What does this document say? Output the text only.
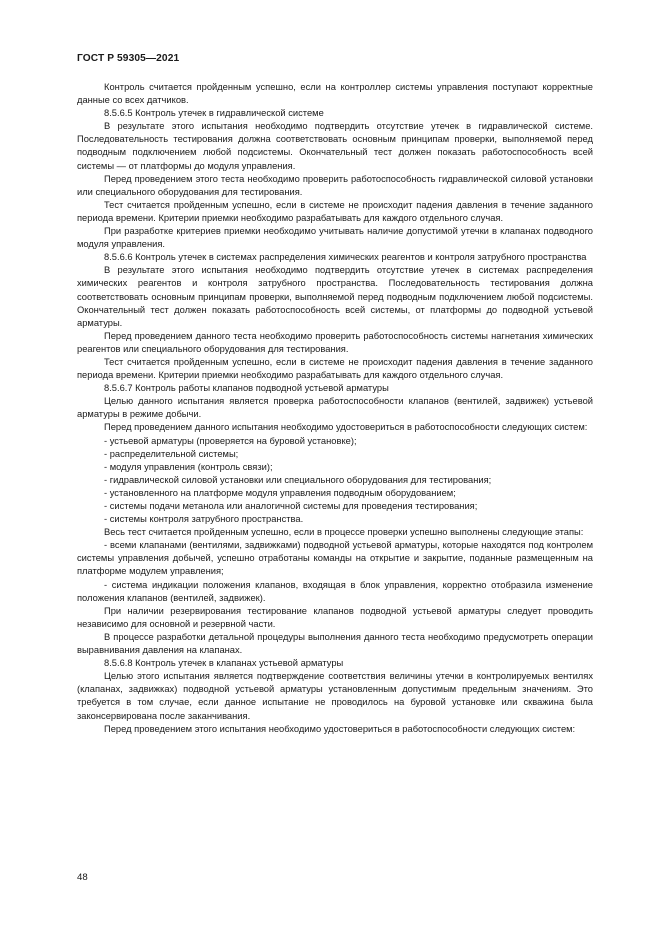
ГОСТ Р 59305—2021

Контроль считается пройденным успешно, если на контроллер системы управления поступают корректные данные со всех датчиков.

8.5.6.5 Контроль утечек в гидравлической системе

В результате этого испытания необходимо подтвердить отсутствие утечек в гидравлической системе. Последовательность тестирования должна соответствовать основным принципам проверки, выполняемой перед подводным подключением любой подсистемы. Окончательный тест должен показать работоспособность всей системы — от платформы до модуля управления.

Перед проведением этого теста необходимо проверить работоспособность гидравлической силовой установки или специального оборудования для тестирования.

Тест считается пройденным успешно, если в системе не происходит падения давления в течение заданного периода времени. Критерии приемки необходимо разрабатывать для каждого отдельного случая.

При разработке критериев приемки необходимо учитывать наличие допустимой утечки в клапанах подводного модуля управления.

8.5.6.6 Контроль утечек в системах распределения химических реагентов и контроля затрубного пространства

В результате этого испытания необходимо подтвердить отсутствие утечек в системах распределения химических реагентов и контроля затрубного пространства. Последовательность тестирования должна соответствовать основным принципам проверки, выполняемой перед подводным подключением любой подсистемы. Окончательный тест должен показать работоспособность всей системы, от платформы до подводной устьевой арматуры.

Перед проведением данного теста необходимо проверить работоспособность системы нагнетания химических реагентов или специального оборудования для тестирования.

Тест считается пройденным успешно, если в системе не происходит падения давления в течение заданного периода времени. Критерии приемки необходимо разрабатывать для каждого отдельного случая.

8.5.6.7 Контроль работы клапанов подводной устьевой арматуры

Целью данного испытания является проверка работоспособности клапанов (вентилей, задвижек) устьевой арматуры в режиме добычи.

Перед проведением данного испытания необходимо удостовериться в работоспособности следующих систем:

- устьевой арматуры (проверяется на буровой установке);

- распределительной системы;

- модуля управления (контроль связи);

- гидравлической силовой установки или специального оборудования для тестирования;

- установленного на платформе модуля управления подводным оборудованием;

- системы подачи метанола или аналогичной системы для проведения тестирования;

- системы контроля затрубного пространства.

Весь тест считается пройденным успешно, если в процессе проверки успешно выполнены следующие этапы:

- всеми клапанами (вентилями, задвижками) подводной устьевой арматуры, которые находятся под контролем системы управления добычей, успешно отработаны команды на открытие и закрытие, поданные размещенным на платформе модулем управления;

- система индикации положения клапанов, входящая в блок управления, корректно отобразила изменение положения клапанов (вентилей, задвижек).

При наличии резервирования тестирование клапанов подводной устьевой арматуры следует проводить независимо для основной и резервной части.

В процессе разработки детальной процедуры выполнения данного теста необходимо предусмотреть операции выравнивания давления на клапанах.

8.5.6.8 Контроль утечек в клапанах устьевой арматуры

Целью этого испытания является подтверждение соответствия величины утечки в контролируемых вентилях (клапанах, задвижках) подводной устьевой арматуры установленным допустимым предельным значениям. Это требуется в том случае, если данное испытание не проводилось на буровой установке или скважина была законсервирована после заканчивания.

Перед проведением этого испытания необходимо удостовериться в работоспособности следующих систем:

48
